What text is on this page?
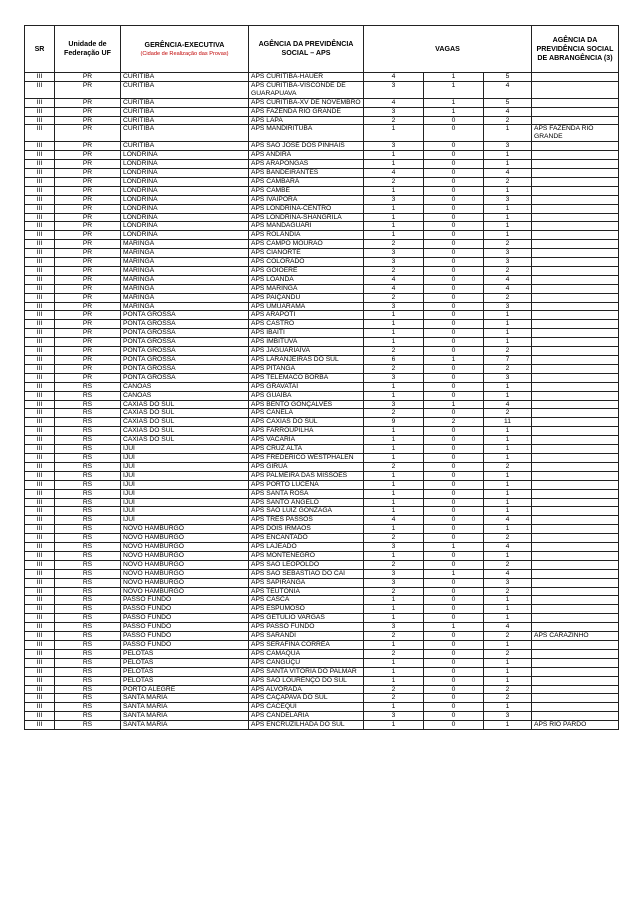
SR	Unidade de Federação UF	GERÊNCIA-EXECUTIVA
(Cidade de Realização das Provas)	AGÊNCIA DA PREVIDÊNCIA SOCIAL – APS	VAGAS			AGÊNCIA DA PREVIDÊNCIA SOCIAL DE ABRANGÊNCIA (3)
III	PR	CURITIBA	APS CURITIBA-HAUER	4	1	5	
III	PR	CURITIBA	APS CURITIBA-VISCONDE DE GUARAPUAVA	3	1	4	
III	PR	CURITIBA	APS CURITIBA-XV DE NOVEMBRO	4	1	5	
III	PR	CURITIBA	APS FAZENDA RIO GRANDE	3	1	4	
III	PR	CURITIBA	APS LAPA	2	0	2	
III	PR	CURITIBA	APS MANDIRITUBA	1	0	1	APS FAZENDA RIO GRANDE
III	PR	CURITIBA	APS SÃO JOSÉ DOS PINHAIS	3	0	3	
III	PR	LONDRINA	APS ANDIRÁ	1	0	1	
III	PR	LONDRINA	APS ARAPONGAS	1	0	1	
III	PR	LONDRINA	APS BANDEIRANTES	4	0	4	
III	PR	LONDRINA	APS CAMBARÁ	2	0	2	
III	PR	LONDRINA	APS CAMBÉ	1	0	1	
III	PR	LONDRINA	APS IVAIPORÃ	3	0	3	
III	PR	LONDRINA	APS LONDRINA-CENTRO	1	0	1	
III	PR	LONDRINA	APS LONDRINA-SHANGRILÁ	1	0	1	
III	PR	LONDRINA	APS MANDAGUARI	1	0	1	
III	PR	LONDRINA	APS ROLÂNDIA	1	0	1	
III	PR	MARINGÁ	APS CAMPO MOURÃO	2	0	2	
III	PR	MARINGÁ	APS CIANORTE	3	0	3	
III	PR	MARINGÁ	APS COLORADO	3	0	3	
III	PR	MARINGÁ	APS GOIOERÊ	2	0	2	
III	PR	MARINGÁ	APS LOANDA	4	0	4	
III	PR	MARINGÁ	APS MARINGÁ	4	0	4	
III	PR	MARINGÁ	APS PAIÇANDU	2	0	2	
III	PR	MARINGÁ	APS UMUARAMA	3	0	3	
III	PR	PONTA GROSSA	APS ARAPOTI	1	0	1	
III	PR	PONTA GROSSA	APS CASTRO	1	0	1	
III	PR	PONTA GROSSA	APS IBAITI	1	0	1	
III	PR	PONTA GROSSA	APS IMBITUVA	1	0	1	
III	PR	PONTA GROSSA	APS JAGUARIAÍVA	2	0	2	
III	PR	PONTA GROSSA	APS LARANJEIRAS DO SUL	6	1	7	
III	PR	PONTA GROSSA	APS PITANGA	2	0	2	
III	PR	PONTA GROSSA	APS TELÊMACO BORBA	3	0	3	
III	RS	CANOAS	APS GRAVATAÍ	1	0	1	
III	RS	CANOAS	APS GUAÍBA	1	0	1	
III	RS	CAXIAS DO SUL	APS BENTO GONÇALVES	3	1	4	
III	RS	CAXIAS DO SUL	APS CANELA	2	0	2	
III	RS	CAXIAS DO SUL	APS CAXIAS DO SUL	9	2	11	
III	RS	CAXIAS DO SUL	APS FARROUPILHA	1	0	1	
III	RS	CAXIAS DO SUL	APS VACARIA	1	0	1	
III	RS	IJUÍ	APS CRUZ ALTA	1	0	1	
III	RS	IJUÍ	APS FREDERICO WESTPHALEN	1	0	1	
III	RS	IJUÍ	APS GIRUÁ	2	0	2	
III	RS	IJUÍ	APS PALMEIRA DAS MISSÕES	1	0	1	
III	RS	IJUÍ	APS PORTO LUCENA	1	0	1	
III	RS	IJUÍ	APS SANTA ROSA	1	0	1	
III	RS	IJUÍ	APS SANTO ÂNGELO	1	0	1	
III	RS	IJUÍ	APS SÃO LUIZ GONZAGA	1	0	1	
III	RS	IJUÍ	APS TRÊS PASSOS	4	0	4	
III	RS	NOVO HAMBURGO	APS DOIS IRMÃOS	1	0	1	
III	RS	NOVO HAMBURGO	APS ENCANTADO	2	0	2	
III	RS	NOVO HAMBURGO	APS LAJEADO	3	1	4	
III	RS	NOVO HAMBURGO	APS MONTENEGRO	1	0	1	
III	RS	NOVO HAMBURGO	APS SÃO LEOPOLDO	2	0	2	
III	RS	NOVO HAMBURGO	APS SÃO SEBASTIÃO DO CAÍ	3	1	4	
III	RS	NOVO HAMBURGO	APS SAPIRANGA	3	0	3	
III	RS	NOVO HAMBURGO	APS TEUTÔNIA	2	0	2	
III	RS	PASSO FUNDO	APS CASCA	1	0	1	
III	RS	PASSO FUNDO	APS ESPUMOSO	1	0	1	
III	RS	PASSO FUNDO	APS GETÚLIO VARGAS	1	0	1	
III	RS	PASSO FUNDO	APS PASSO FUNDO	3	1	4	
III	RS	PASSO FUNDO	APS SARANDI	2	0	2	APS CARAZINHO
III	RS	PASSO FUNDO	APS SERAFINA CORRÊA	1	0	1	
III	RS	PELOTAS	APS CAMAQUÃ	2	0	2	
III	RS	PELOTAS	APS CANGUÇU	1	0	1	
III	RS	PELOTAS	APS SANTA VITÓRIA DO PALMAR	1	0	1	
III	RS	PELOTAS	APS SÃO LOURENÇO DO SUL	1	0	1	
III	RS	PORTO ALEGRE	APS ALVORADA	2	0	2	
III	RS	SANTA MARIA	APS CAÇAPAVA DO SUL	2	0	2	
III	RS	SANTA MARIA	APS CACEQUI	1	0	1	
III	RS	SANTA MARIA	APS CANDELÁRIA	3	0	3	
III	RS	SANTA MARIA	APS ENCRUZILHADA DO SUL	1	0	1	APS RIO PARDO
